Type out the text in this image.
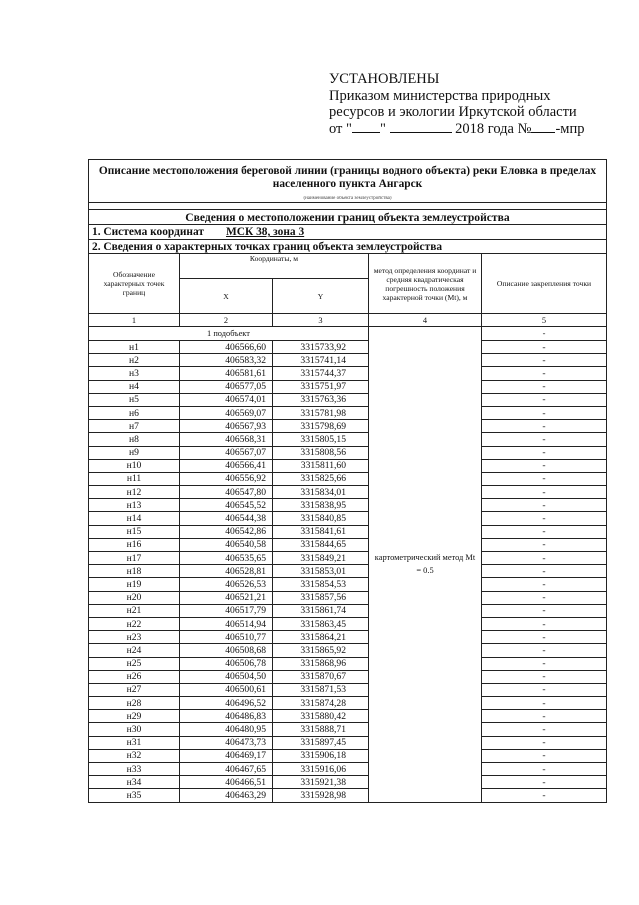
УСТАНОВЛЕНЫ
Приказом министерства природных
ресурсов и экологии Иркутской области
от " "	2018 года № -мпр
Описание местоположения береговой линии (границы водного объекта) реки Еловка в пределах населенного пункта Ангарск				
(наименование объекта землеустройства)				

Сведения о местоположении границ объекта землеустройства				
1. Система координат МСК 38, зона 3				
2. Сведения о характерных точках границ объекта землеустройства				
Обозначение характерных точек границ	Координаты, м		метод определения координат и средняя квадратическая погрешность положения характерной точки (Mt), м	Описание закрепления точки
	X	Y		
1	2	3	4	5
1 подобъект			картометрический метод Mt = 0.5	-
н1	406566,60	3315733,92		-
н2	406583,32	3315741,14		-
н3	406581,61	3315744,37		-
н4	406577,05	3315751,97		-
н5	406574,01	3315763,36		-
н6	406569,07	3315781,98		-
н7	406567,93	3315798,69		-
н8	406568,31	3315805,15		-
н9	406567,07	3315808,56		-
н10	406566,41	3315811,60		-
н11	406556,92	3315825,66		-
н12	406547,80	3315834,01		-
н13	406545,52	3315838,95		-
н14	406544,38	3315840,85		-
н15	406542,86	3315841,61		-
н16	406540,58	3315844,65		-
н17	406535,65	3315849,21		-
н18	406528,81	3315853,01		-
н19	406526,53	3315854,53		-
н20	406521,21	3315857,56		-
н21	406517,79	3315861,74		-
н22	406514,94	3315863,45		-
н23	406510,77	3315864,21		-
н24	406508,68	3315865,92		-
н25	406506,78	3315868,96		-
н26	406504,50	3315870,67		-
н27	406500,61	3315871,53		-
н28	406496,52	3315874,28		-
н29	406486,83	3315880,42		-
н30	406480,95	3315888,71		-
н31	406473,73	3315897,45		-
н32	406469,17	3315906,18		-
н33	406467,65	3315916,06		-
н34	406466,51	3315921,38		-
н35	406463,29	3315928,98		-
